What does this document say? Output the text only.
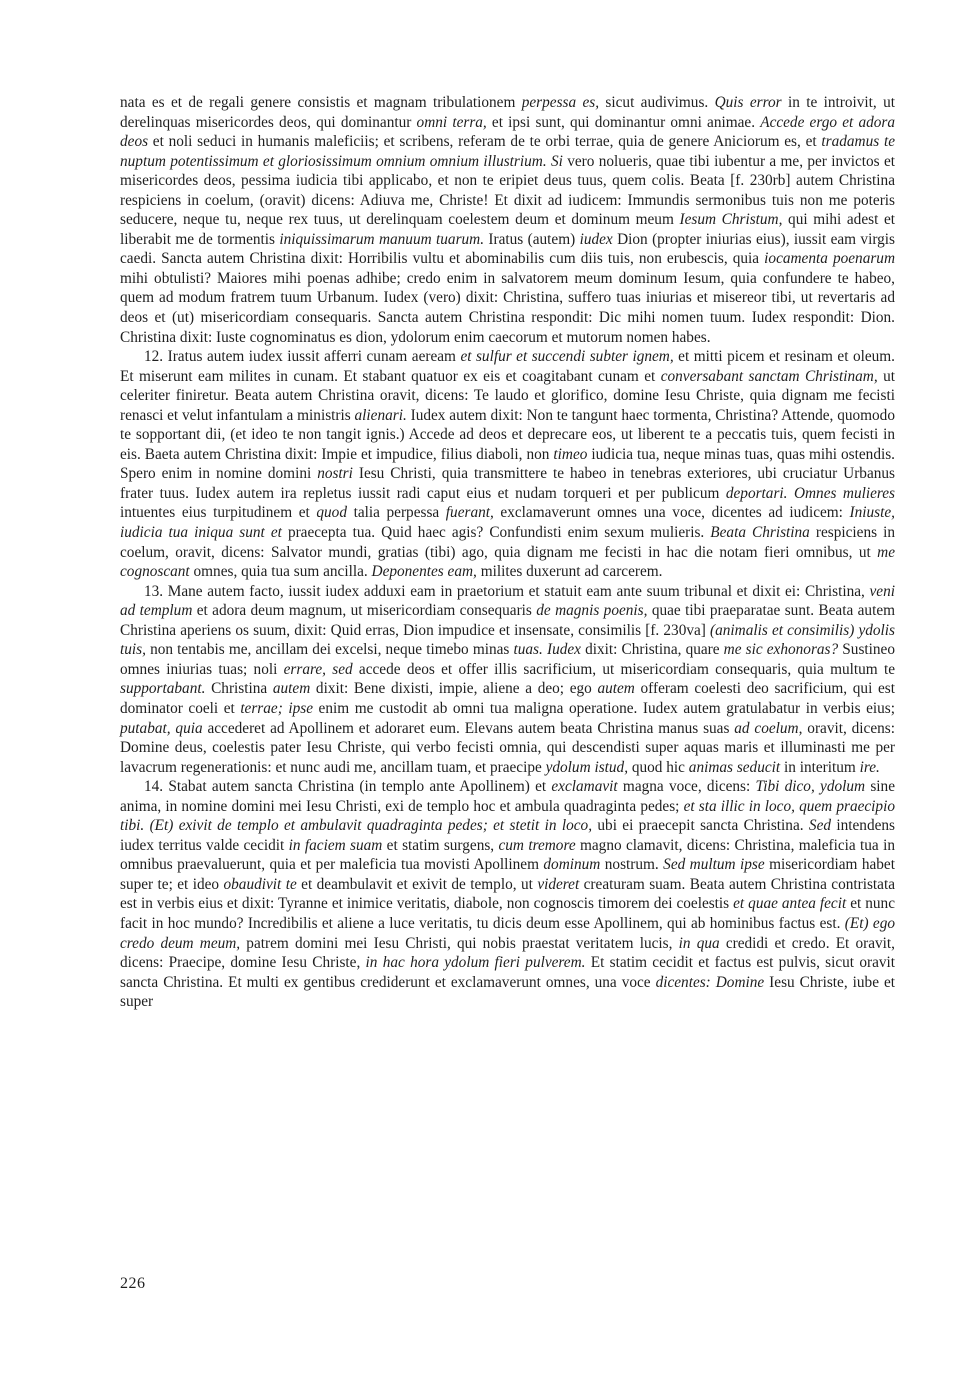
nata es et de regali genere consistis et magnam tribulationem perpessa es, sicut audivimus. Quis error in te introivit, ut derelinquas misericordes deos, qui dominantur omni terra, et ipsi sunt, qui dominantur omni animae. Accede ergo et adora deos et noli seduci in humanis maleficiis; et scribens, referam de te orbi terrae, quia de genere Aniciorum es, et tradamus te nuptum potentissimum et gloriosissimum omnium omnium illustrium. Si vero nolueris, quae tibi iubentur a me, per invictos et misericordes deos, pessima iudicia tibi applicabo, et non te eripiet deus tuus, quem colis. Beata [f. 230rb] autem Christina respiciens in coelum, (oravit) dicens: Adiuva me, Christe! Et dixit ad iudicem: Immundis sermonibus tuis non me poteris seducere, neque tu, neque rex tuus, ut derelinquam coelestem deum et dominum meum Iesum Christum, qui mihi adest et liberabit me de tormentis iniquissimarum manuum tuarum. Iratus (autem) iudex Dion (propter iniurias eius), iussit eam virgis caedi. Sancta autem Christina dixit: Horribilis vultu et abominabilis cum diis tuis, non erubescis, quia iocamenta poenarum mihi obtulisti? Maiores mihi poenas adhibe; credo enim in salvatorem meum dominum Iesum, quia confundere te habeo, quem ad modum fratrem tuum Urbanum. Iudex (vero) dixit: Christina, suffero tuas iniurias et misereor tibi, ut revertaris ad deos et (ut) misericordiam consequaris. Sancta autem Christina respondit: Dic mihi nomen tuum. Iudex respondit: Dion. Christina dixit: Iuste cognominatus es dion, ydolorum enim caecorum et mutorum nomen habes.

12. Iratus autem iudex iussit afferri cunam aeream et sulfur et succendi subter ignem, et mitti picem et resinam et oleum. Et miserunt eam milites in cunam. Et stabant quatuor ex eis et coagitabant cunam et conversabant sanctam Christinam, ut celeriter finiretur. Beata autem Christina oravit, dicens: Te laudo et glorifico, domine Iesu Christe, quia dignam me fecisti renasci et velut infantulam a ministris alienari. Iudex autem dixit: Non te tangunt haec tormenta, Christina? Attende, quomodo te sopportant dii, (et ideo te non tangit ignis.) Accede ad deos et deprecare eos, ut liberent te a peccatis tuis, quem fecisti in eis. Baeta autem Christina dixit: Impie et impudice, filius diaboli, non timeo iudicia tua, neque minas tuas, quas mihi ostendis. Spero enim in nomine domini nostri Iesu Christi, quia transmittere te habeo in tenebras exteriores, ubi cruciatur Urbanus frater tuus. Iudex autem ira repletus iussit radi caput eius et nudam torqueri et per publicum deportari. Omnes mulieres intuentes eius turpitudinem et quod talia perpessa fuerant, exclamaverunt omnes una voce, dicentes ad iudicem: Iniuste, iudicia tua iniqua sunt et praecepta tua. Quid haec agis? Confundisti enim sexum mulieris. Beata Christina respiciens in coelum, oravit, dicens: Salvator mundi, gratias (tibi) ago, quia dignam me fecisti in hac die notam fieri omnibus, ut me cognoscant omnes, quia tua sum ancilla. Deponentes eam, milites duxerunt ad carcerem.

13. Mane autem facto, iussit iudex adduxi eam in praetorium et statuit eam ante suum tribunal et dixit ei: Christina, veni ad templum et adora deum magnum, ut misericordiam consequaris de magnis poenis, quae tibi praeparatae sunt. Beata autem Christina aperiens os suum, dixit: Quid erras, Dion impudice et insensate, consimilis [f. 230va] (animalis et consimilis) ydolis tuis, non tentabis me, ancillam dei excelsi, neque timebo minas tuas. Iudex dixit: Christina, quare me sic exhonoras? Sustineo omnes iniurias tuas; noli errare, sed accede deos et offer illis sacrificium, ut misericordiam consequaris, quia multum te supportabant. Christina autem dixit: Bene dixisti, impie, aliene a deo; ego autem offeram coelesti deo sacrificium, qui est dominator coeli et terrae; ipse enim me custodit ab omni tua maligna operatione. Iudex autem gratulabatur in verbis eius; putabat, quia accederet ad Apollinem et adoraret eum. Elevans autem beata Christina manus suas ad coelum, oravit, dicens: Domine deus, coelestis pater Iesu Christe, qui verbo fecisti omnia, qui descendisti super aquas maris et illuminasti me per lavacrum regenerationis: et nunc audi me, ancillam tuam, et praecipe ydolum istud, quod hic animas seducit in interitum ire.

14. Stabat autem sancta Christina (in templo ante Apollinem) et exclamavit magna voce, dicens: Tibi dico, ydolum sine anima, in nomine domini mei Iesu Christi, exi de templo hoc et ambula quadraginta pedes; et sta illic in loco, quem praecipio tibi. (Et) exivit de templo et ambulavit quadraginta pedes; et stetit in loco, ubi ei praecepit sancta Christina. Sed intendens iudex territus valde cecidit in faciem suam et statim surgens, cum tremore magno clamavit, dicens: Christina, maleficia tua in omnibus praevaluerunt, quia et per maleficia tua movisti Apollinem dominum nostrum. Sed multum ipse misericordiam habet super te; et ideo obaudivit te et deambulavit et exivit de templo, ut videret creaturam suam. Beata autem Christina contristata est in verbis eius et dixit: Tyranne et inimice veritatis, diabole, non cognoscis timorem dei coelestis et quae antea fecit et nunc facit in hoc mundo? Incredibilis et aliene a luce veritatis, tu dicis deum esse Apollinem, qui ab hominibus factus est. (Et) ego credo deum meum, patrem domini mei Iesu Christi, qui nobis praestat veritatem lucis, in qua credidi et credo. Et oravit, dicens: Praecipe, domine Iesu Christe, in hac hora ydolum fieri pulverem. Et statim cecidit et factus est pulvis, sicut oravit sancta Christina. Et multi ex gentibus crediderunt et exclamaverunt omnes, una voce dicentes: Domine Iesu Christe, iube et super

226
